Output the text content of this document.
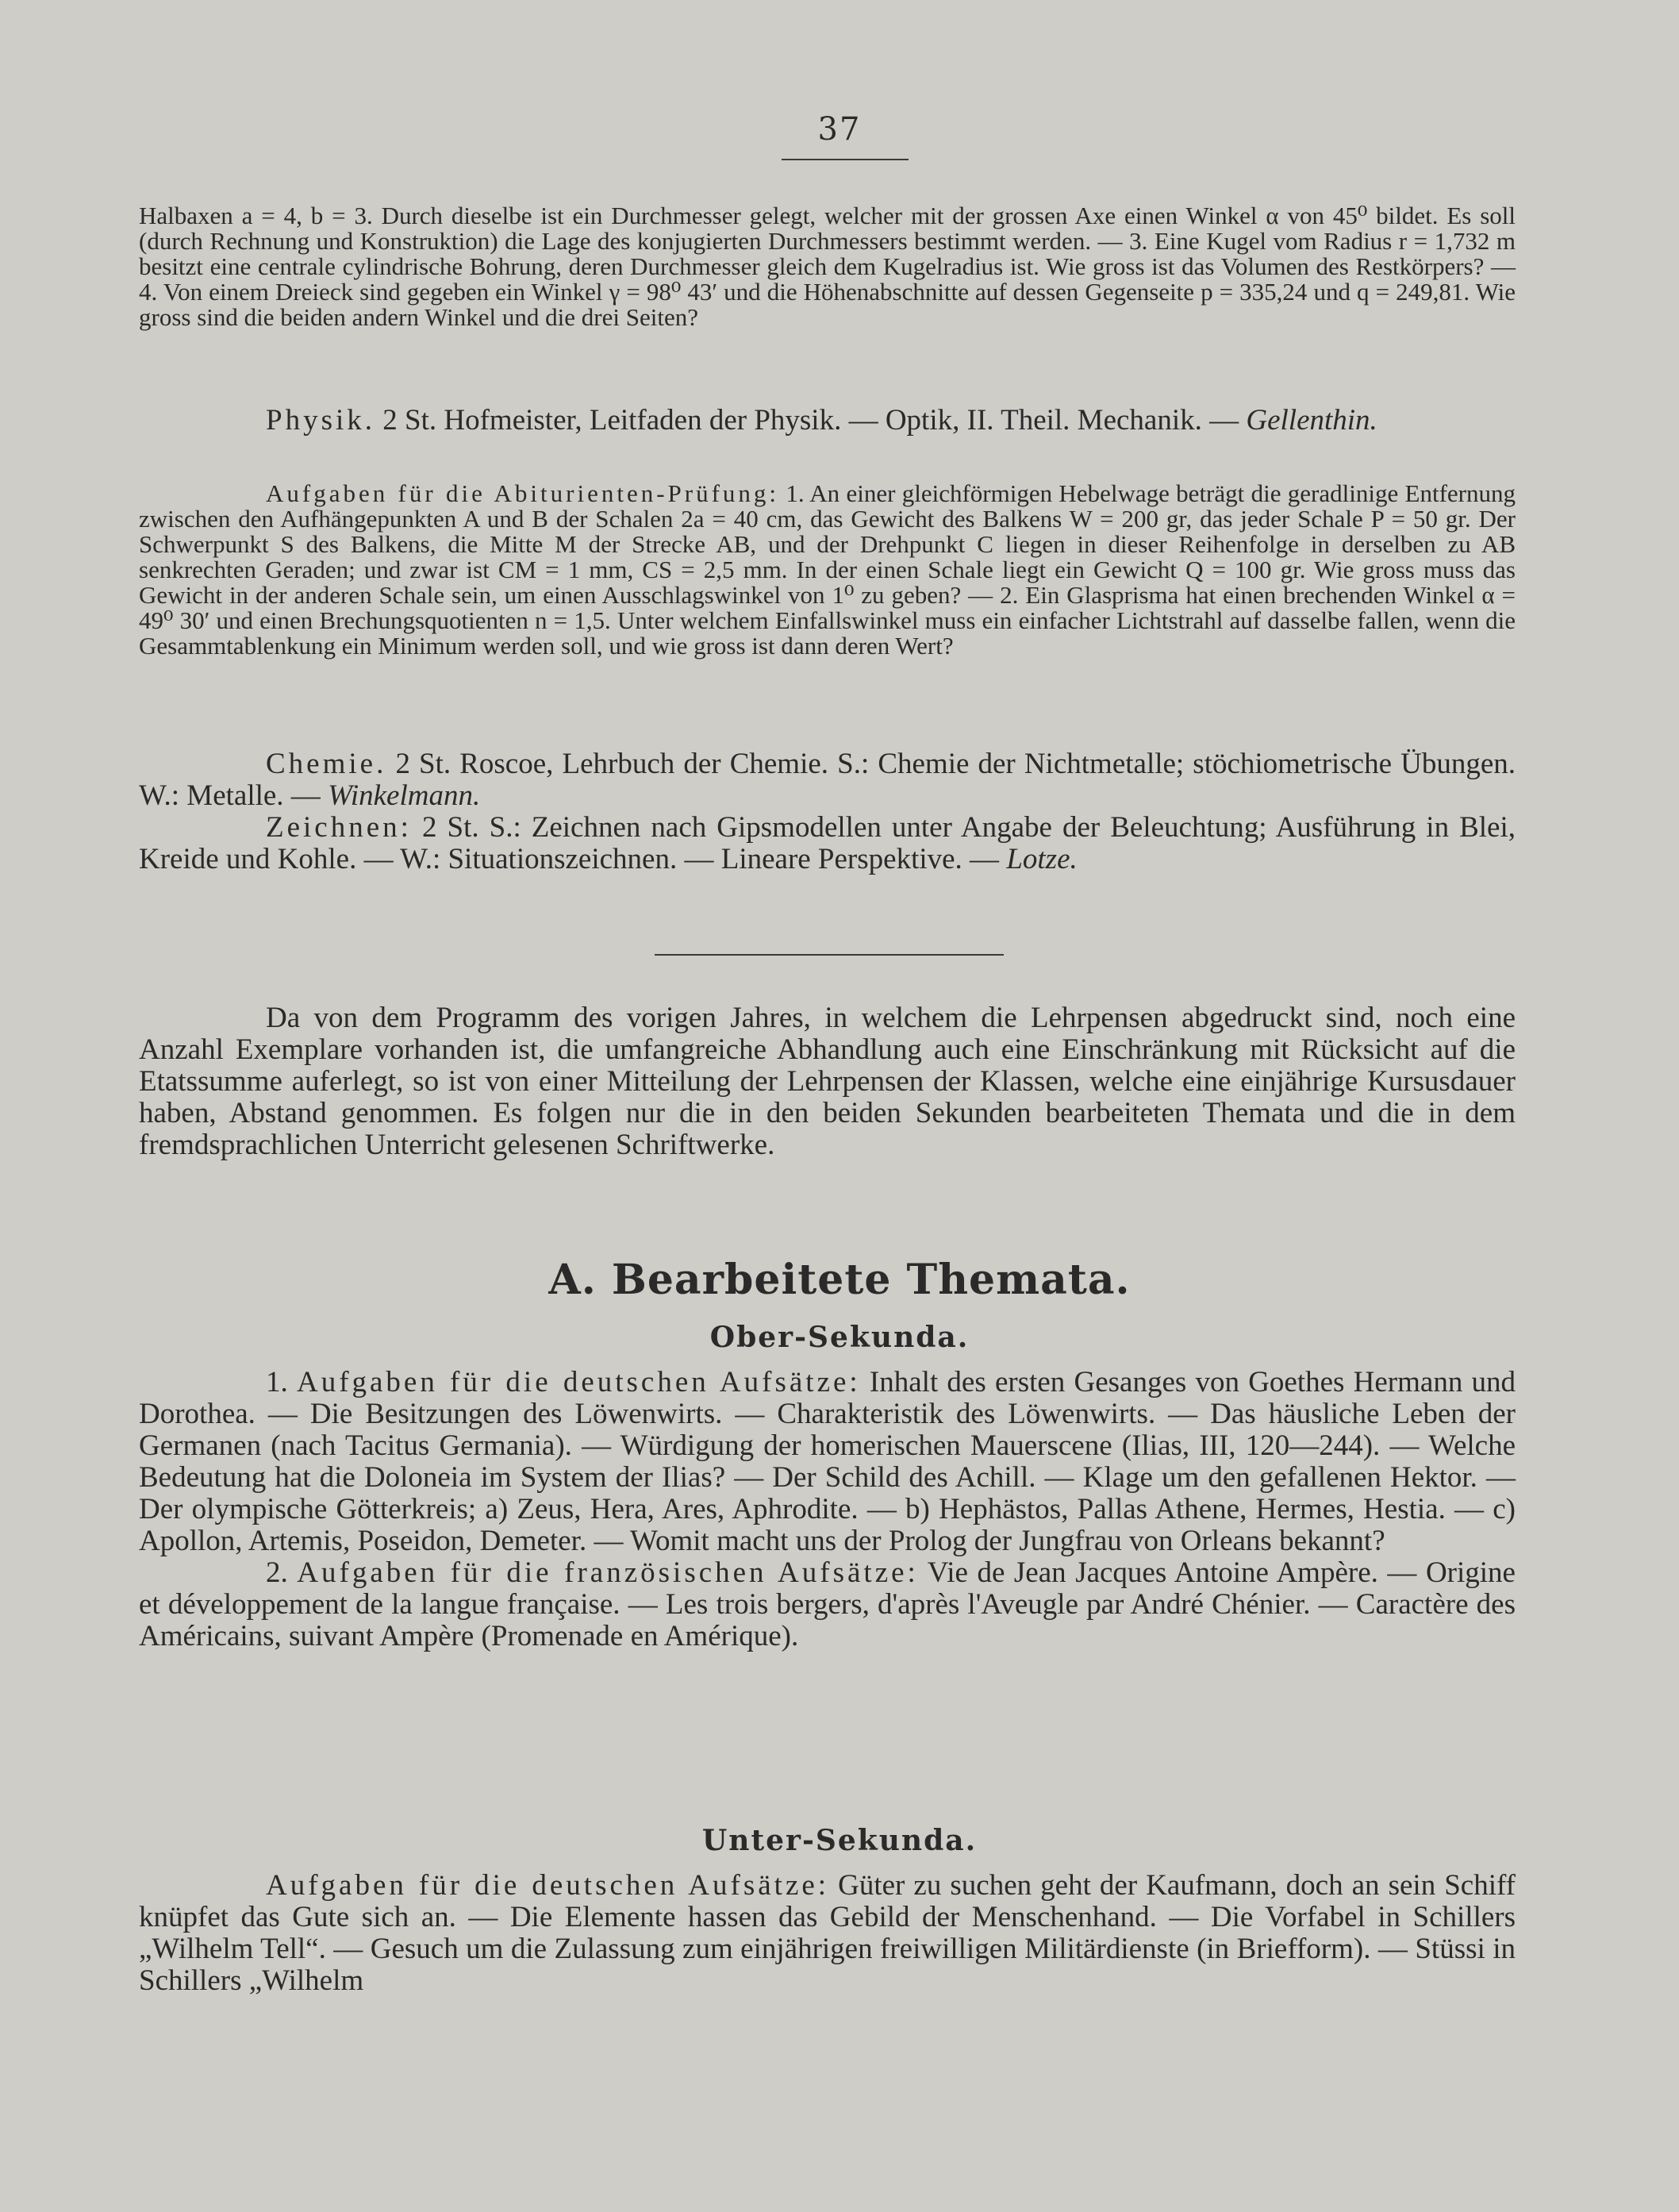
37

Halbaxen a = 4, b = 3. Durch dieselbe ist ein Durchmesser gelegt, welcher mit der grossen Axe einen Winkel α von 45⁰ bildet. Es soll (durch Rechnung und Konstruktion) die Lage des konjugierten Durchmessers bestimmt werden. — 3. Eine Kugel vom Radius r = 1,732 m besitzt eine centrale cylindrische Bohrung, deren Durchmesser gleich dem Kugelradius ist. Wie gross ist das Volumen des Restkörpers? — 4. Von einem Dreieck sind gegeben ein Winkel γ = 98⁰ 43′ und die Höhenabschnitte auf dessen Gegenseite p = 335,24 und q = 249,81. Wie gross sind die beiden andern Winkel und die drei Seiten?

Physik. 2 St. Hofmeister, Leitfaden der Physik. — Optik, II. Theil. Mechanik. — Gellenthin.

Aufgaben für die Abiturienten-Prüfung: 1. An einer gleichförmigen Hebelwage beträgt die geradlinige Entfernung zwischen den Aufhängepunkten A und B der Schalen 2a = 40 cm, das Gewicht des Balkens W = 200 gr, das jeder Schale P = 50 gr. Der Schwerpunkt S des Balkens, die Mitte M der Strecke AB, und der Drehpunkt C liegen in dieser Reihenfolge in derselben zu AB senkrechten Geraden; und zwar ist CM = 1 mm, CS = 2,5 mm. In der einen Schale liegt ein Gewicht Q = 100 gr. Wie gross muss das Gewicht in der anderen Schale sein, um einen Ausschlagswinkel von 1⁰ zu geben? — 2. Ein Glasprisma hat einen brechenden Winkel α = 49⁰ 30′ und einen Brechungsquotienten n = 1,5. Unter welchem Einfallswinkel muss ein einfacher Lichtstrahl auf dasselbe fallen, wenn die Gesammtablenkung ein Minimum werden soll, und wie gross ist dann deren Wert?

Chemie. 2 St. Roscoe, Lehrbuch der Chemie. S.: Chemie der Nichtmetalle; stöchiometrische Übungen. W.: Metalle. — Winkelmann.

Zeichnen: 2 St. S.: Zeichnen nach Gipsmodellen unter Angabe der Beleuchtung; Ausführung in Blei, Kreide und Kohle. — W.: Situationszeichnen. — Lineare Perspektive. — Lotze.

Da von dem Programm des vorigen Jahres, in welchem die Lehrpensen abgedruckt sind, noch eine Anzahl Exemplare vorhanden ist, die umfangreiche Abhandlung auch eine Einschränkung mit Rücksicht auf die Etatssumme auferlegt, so ist von einer Mitteilung der Lehrpensen der Klassen, welche eine einjährige Kursusdauer haben, Abstand genommen. Es folgen nur die in den beiden Sekunden bearbeiteten Themata und die in dem fremdsprachlichen Unterricht gelesenen Schriftwerke.

A. Bearbeitete Themata.
Ober-Sekunda.

1. Aufgaben für die deutschen Aufsätze: Inhalt des ersten Gesanges von Goethes Hermann und Dorothea. — Die Besitzungen des Löwenwirts. — Charakteristik des Löwenwirts. — Das häusliche Leben der Germanen (nach Tacitus Germania). — Würdigung der homerischen Mauerscene (Ilias, III, 120—244). — Welche Bedeutung hat die Doloneia im System der Ilias? — Der Schild des Achill. — Klage um den gefallenen Hektor. — Der olympische Götterkreis; a) Zeus, Hera, Ares, Aphrodite. — b) Hephästos, Pallas Athene, Hermes, Hestia. — c) Apollon, Artemis, Poseidon, Demeter. — Womit macht uns der Prolog der Jungfrau von Orleans bekannt?

2. Aufgaben für die französischen Aufsätze: Vie de Jean Jacques Antoine Ampère. — Origine et développement de la langue française. — Les trois bergers, d'après l'Aveugle par André Chénier. — Caractère des Américains, suivant Ampère (Promenade en Amérique).

Unter-Sekunda.

Aufgaben für die deutschen Aufsätze: Güter zu suchen geht der Kaufmann, doch an sein Schiff knüpfet das Gute sich an. — Die Elemente hassen das Gebild der Menschenhand. — Die Vorfabel in Schillers „Wilhelm Tell“. — Gesuch um die Zulassung zum einjährigen freiwilligen Militärdienste (in Briefform). — Stüssi in Schillers „Wilhelm
